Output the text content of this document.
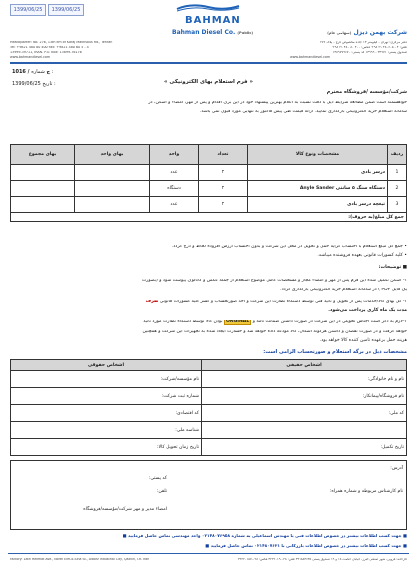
1399/06/25	1399/06/25
BAHMAN
شرکت بهمن دیزل (سهامی عام)
Bahman Diesel Co. (Public)
دفتر مرکزی: تهران - کیلومتر ۱۳ جاده مخصوص کرج - پلاک ۲۷۶
Headquarter: No. 276, 13th km of Karaj Makhsous Rd., Tehran
تلفن: ۴ - ۴۸۰۶۰۵ ۲۱ ۹۸+ فکس: ۴۰۰ ۸۰ ۴۸۰ ۲۱ ۹۸+
Tel: +9821 480 80 400 Fax: +9821 480 60 5 - 4
صندوق پستی: ۳۳۹۷۱ - ۱۳۹۹۹ کد پستی: ۱۳۸۹۷۷۹۶۷۰
13999-39711, IRAN. P.O. Box: 13899-76176
www.bahmandiesel.com
www.bahmandiesel.com
« فرم استعلام بهای الکترونیکی »
شرکت/مؤسسه /فروشگاه محترم
1016 / ج شماره :
1399/06/25 تاریخ :
خواهشمند است ضمن مطالعه شرایط ذیل با دقت نسبت به اعلام بهترین پیشنهاد خود در این برگ اقدام و پس از مهر، امضاء و اسکن، در
سامانه استعلام خرید الکترونیکی بارگذاری نمایید. ارائه قیمت طی پیش فاکتور به تنهایی مورد قبول نمی باشد.
ردیف	مشخصات ونوع کالا	تعداد	واحد	بهای واحد	بهای مجموع
1	درسر بادی	۲	عدد		
2	دستگاه سنگ ۵ سانتی Anyle Sander	۲	دستگاه		
3	تیغچه درسر بادی	۲	عدد		
جمع کل مبلغ(به حروف):					
• جمع کل مبلغ استعلام با احتساب کرایه حمل و تحویل در محل این شرکت و بدون احتساب ارزش افزوده لحاظ و درج گردد.
• کلیه کسورات قانونی بعهده فروشنده میباشد.
■ توضیحات:
۱- اسکن تکمیل شده این فرم پس از مهر و امضاء مجاز و مشخصات کامل موضوع استعلام از جمله عکس و کاتالوگ پیوست شود و (بصورت
یک فایل PDF ) در سامانه استعلام خرید الکترونیکی بارگذاری گردد.
۲- کل بهای کالا/خدمات پس از تحویل و تائید فنی توسط دستگاه نظارت این شرکت و اخذ صورتحساب و کسر کلیه کسورات قانونی ظرف
مدت یک ماه کاری پرداخت می‌شود.
۳-لازم به ذکر است اجناس تحویلی در این شرکت در صورت داشتن ضمانت نامه و ORGINAL بودن کالا توسط دستگاه نظارت مورد تائید
خواهد گرفت و در صورت نقصان و داشتن هرگونه اشکال، کالا مودعه داده خواهد شد و خسارت ایجاد شده به تجهیزات این شرکت و همچنین
هزینه حمل برعهده تامین کننده کالا خواهد بود.
مشخصات ذیل در برگه استعلام و صورتحساب الزامی است:
اشخاص حقیقی	اشخاص حقوقی
نام و نام خانوادگی:	نام مؤسسه/شرکت:
نام فروشگاه/پیمانکار:	شماره ثبت شرکت:
کد ملی:	کد اقتصادی:
	شناسه ملی:
تاریخ تکمیل:	تاریخ زمان تحویل کالا:
آدرس:
کد پستی:
نام کارشناس مربوطه و شماره همراه:
تلفن:
امضاء مدیر و مهر شرکت/مؤسسه/فروشگاه
■ جهت کسب اطلاعات بیشتر در خصوص اطلاعات فنی با مهندس اسماعیلی به شماره ۰۲۱۴۸۰۷۶۹۵۸ واحد مهندسی تماس حاصل فرمایید ■
■ جهت کسب اطلاعات بیشتر در خصوص اطلاعات بازرگانی با ۰۲۱۴۸۰۷۶۳۱ تماس حاصل فرمایید ■
کارخانه: قزوین، شهر صنعتی البرز، خیابان حکمت ۱۸ و ۱۹ صندوق پستی ۳۴۱۸۵۴۶۳۵ تلفن: ۰۲۸-۳۲۲۲۰۱۹ فکس: ۰۲۸-۳۲۲۲۰۱۵۷
Factory: 18th Hekmat Ave., North Elm-o-Sina St., Alborz Industrial City, Qazvin, I.R. Iran
